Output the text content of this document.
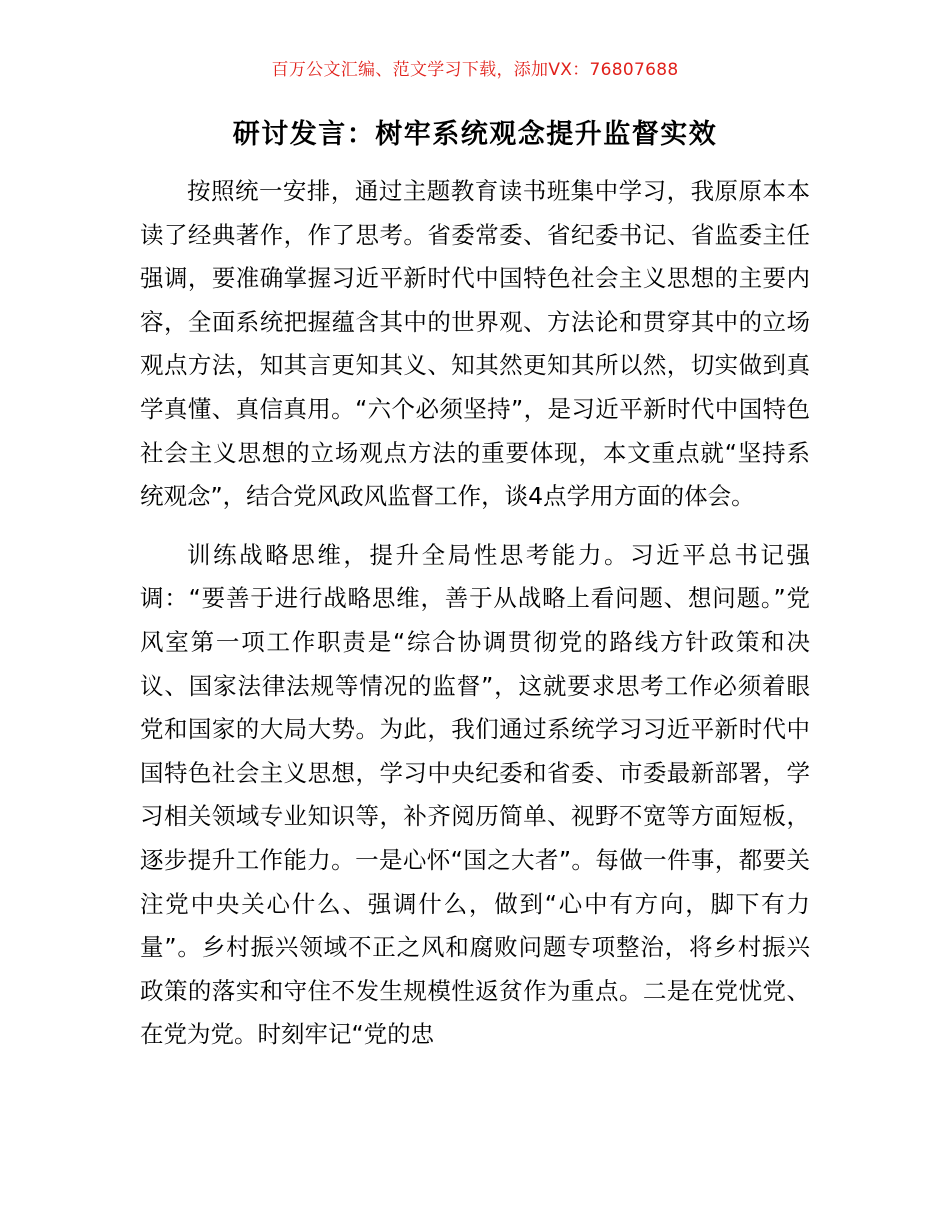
百万公文汇编、范文学习下载，添加VX：76807688
研讨发言：树牢系统观念提升监督实效

按照统一安排，通过主题教育读书班集中学习，我原原本本读了经典著作，作了思考。省委常委、省纪委书记、省监委主任强调，要准确掌握习近平新时代中国特色社会主义思想的主要内容，全面系统把握蕴含其中的世界观、方法论和贯穿其中的立场观点方法，知其言更知其义、知其然更知其所以然，切实做到真学真懂、真信真用。“六个必须坚持”，是习近平新时代中国特色社会主义思想的立场观点方法的重要体现，本文重点就“坚持系统观念”，结合党风政风监督工作，谈4点学用方面的体会。

训练战略思维，提升全局性思考能力。习近平总书记强调：“要善于进行战略思维，善于从战略上看问题、想问题。”党风室第一项工作职责是“综合协调贯彻党的路线方针政策和决议、国家法律法规等情况的监督”，这就要求思考工作必须着眼党和国家的大局大势。为此，我们通过系统学习习近平新时代中国特色社会主义思想，学习中央纪委和省委、市委最新部署，学习相关领域专业知识等，补齐阅历简单、视野不宽等方面短板，逐步提升工作能力。一是心怀“国之大者”。每做一件事，都要关注党中央关心什么、强调什么，做到“心中有方向，脚下有力量”。乡村振兴领域不正之风和腐败问题专项整治，将乡村振兴政策的落实和守住不发生规模性返贫作为重点。二是在党忧党、在党为党。时刻牢记“党的忠
